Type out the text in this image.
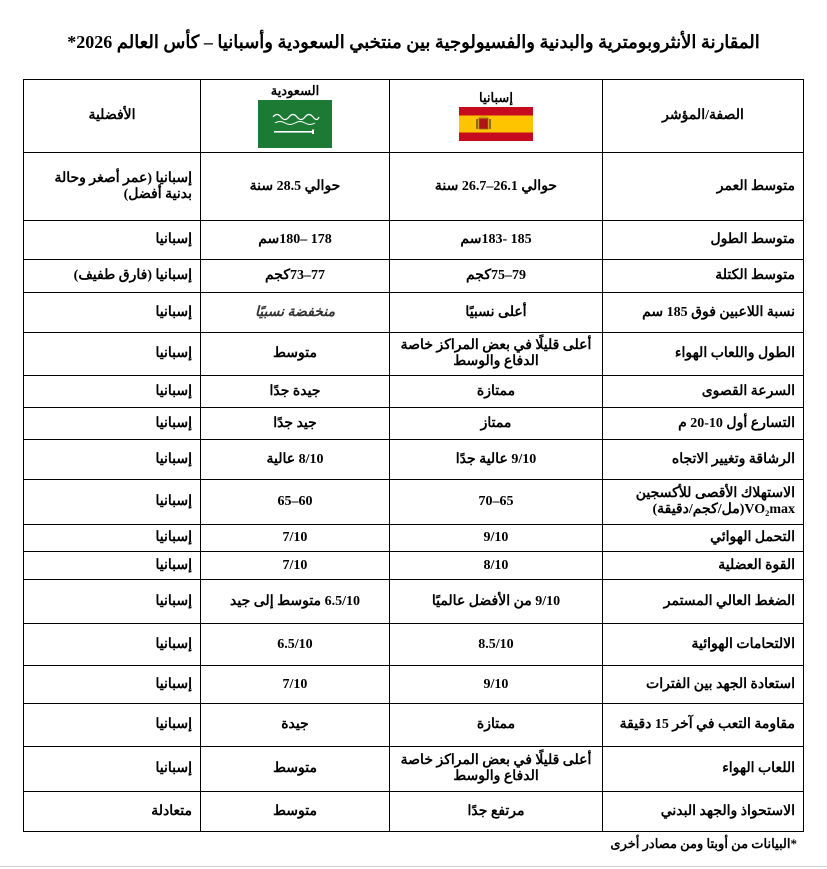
المقارنة الأنثروبومترية والبدنية والفسيولوجية بين منتخبي السعودية وأسبانيا – كأس العالم 2026*
الصفة/المؤشر	إسبانيا	السعودية	الأفضلية
متوسط العمر	حوالي 26.1–26.7 سنة	حوالي 28.5 سنة	إسبانيا (عمر أصغر وحالة بدنية أفضل)
متوسط الطول	185 -183سم	178 –180سم	إسبانيا
متوسط الكتلة	79–75كجم	77–73كجم	إسبانيا (فارق طفيف)
نسبة اللاعبين فوق 185 سم	أعلى نسبيًا	منخفضة نسبيًا	إسبانيا
الطول واللعاب الهواء	أعلى قليلًا في بعض المراكز خاصة الدفاع والوسط	متوسط	إسبانيا
السرعة القصوى	ممتازة	جيدة جدًا	إسبانيا
التسارع أول 10-20 م	ممتاز	جيد جدًا	إسبانيا
الرشاقة وتغيير الاتجاه	9/10 عالية جدًا	8/10 عالية	إسبانيا
الاستهلاك الأقصى للأكسجين VO₂max(مل/كجم/دقيقة)	65–70	60–65	إسبانيا
التحمل الهوائي	9/10	7/10	إسبانيا
القوة العضلية	8/10	7/10	إسبانيا
الضغط العالي المستمر	9/10 من الأفضل عالميًا	6.5/10 متوسط إلى جيد	إسبانيا
الالتحامات الهوائية	8.5/10	6.5/10	إسبانيا
استعادة الجهد بين الفترات	9/10	7/10	إسبانيا
مقاومة التعب في آخر 15 دقيقة	ممتازة	جيدة	إسبانيا
اللعاب الهواء	أعلى قليلًا في بعض المراكز خاصة الدفاع والوسط	متوسط	إسبانيا
الاستحواذ والجهد البدني	مرتفع جدًا	متوسط	متعادلة
*البيانات من أوبتا ومن مصادر أخرى
